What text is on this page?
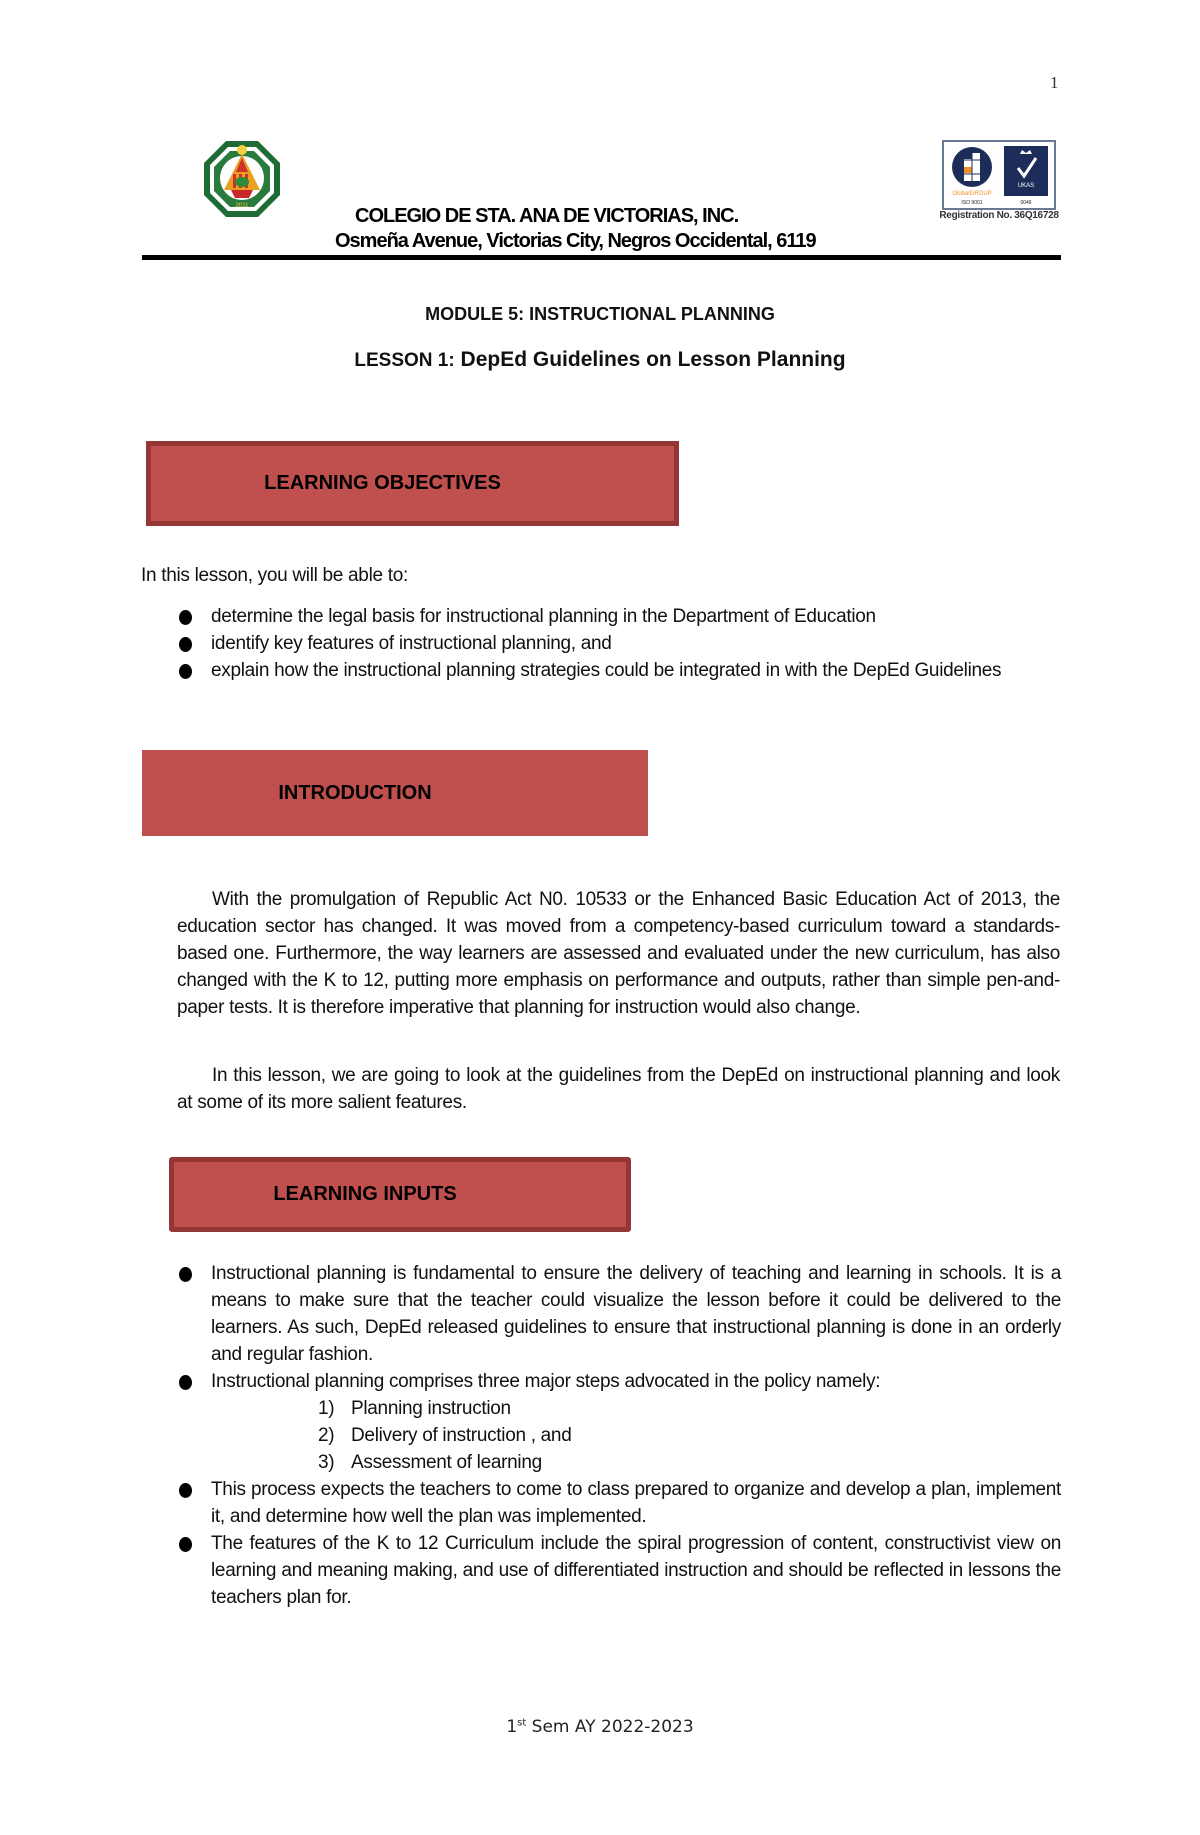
1
2011
GlobalGROUP
ISO 9001
UKAS
0046
Registration No. 36Q16728
COLEGIO DE STA. ANA DE VICTORIAS, INC.
Osmeña Avenue, Victorias City, Negros Occidental, 6119
MODULE 5: INSTRUCTIONAL PLANNING
LESSON 1: DepEd Guidelines on Lesson Planning
LEARNING OBJECTIVES
In this lesson, you will be able to:
determine the legal basis for instructional planning in the Department of Education
identify key features of instructional planning, and
explain how the instructional planning strategies could be integrated in with the DepEd Guidelines
INTRODUCTION

With the promulgation of Republic Act N0. 10533 or the Enhanced Basic Education Act of 2013, the education sector has changed. It was moved from a competency-based curriculum toward a standards-based one. Furthermore, the way learners are assessed and evaluated under the new curriculum, has also changed with the K to 12, putting more emphasis on performance and outputs, rather than simple pen-and-paper tests. It is therefore imperative that planning for instruction would also change.

In this lesson, we are going to look at the guidelines from the DepEd on instructional planning and look at some of its more salient features.

LEARNING INPUTS
Instructional planning is fundamental to ensure the delivery of teaching and learning in schools. It is a means to make sure that the teacher could visualize the lesson before it could be delivered to the learners. As such, DepEd released guidelines to ensure that instructional planning is done in an orderly and regular fashion.
Instructional planning comprises three major steps advocated in the policy namely:
1) Planning instruction
2) Delivery of instruction , and
3) Assessment of learning
This process expects the teachers to come to class prepared to organize and develop a plan, implement it, and determine how well the plan was implemented.
The features of the K to 12 Curriculum include the spiral progression of content, constructivist view on learning and meaning making, and use of differentiated instruction and should be reflected in lessons the teachers plan for.
1st Sem AY 2022-2023
